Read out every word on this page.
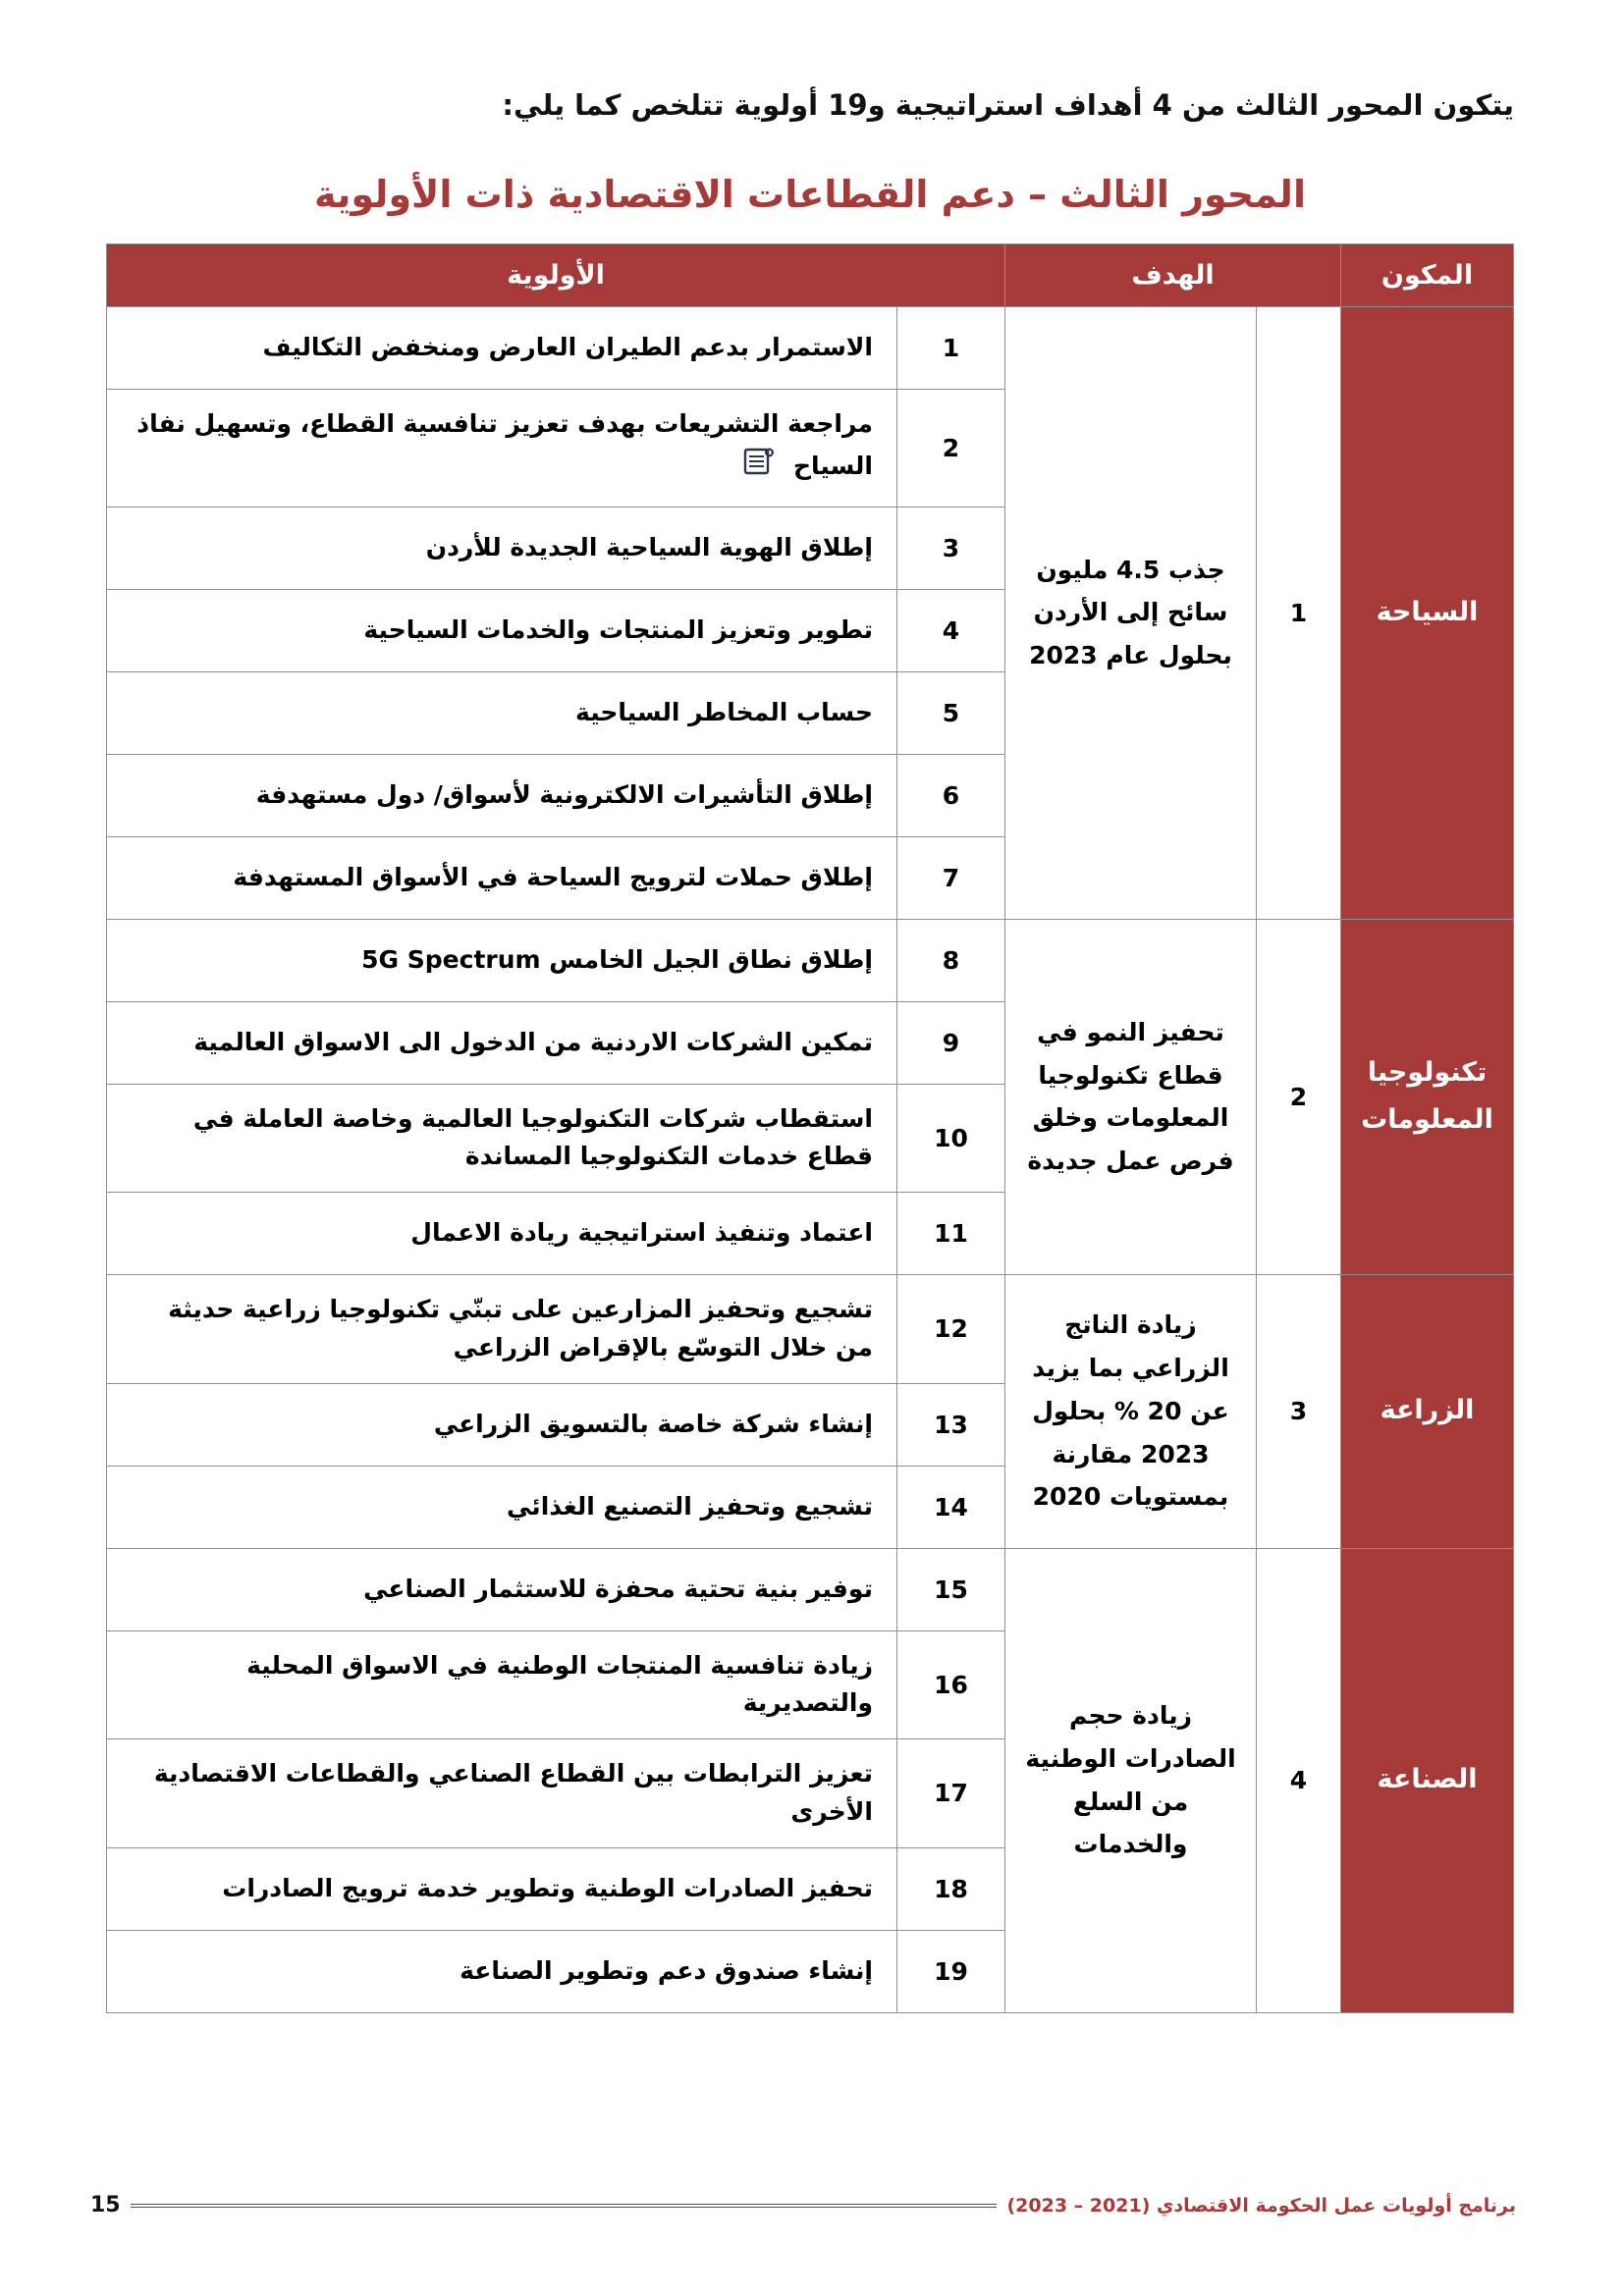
يتكون المحور الثالث من 4 أهداف استراتيجية و19 أولوية تتلخص كما يلي:

المحور الثالث – دعم القطاعات الاقتصادية ذات الأولوية
المكون	الهدف		الأولوية	
السياحة	1	جذب 4.5 مليون سائح إلى الأردن بحلول عام 2023	1	الاستمرار بدعم الطيران العارض ومنخفض التكاليف
			2	مراجعة التشريعات بهدف تعزيز تنافسية القطاع، وتسهيل نفاذ السياح
			3	إطلاق الهوية السياحية الجديدة للأردن
			4	تطوير وتعزيز المنتجات والخدمات السياحية
			5	حساب المخاطر السياحية
			6	إطلاق التأشيرات الالكترونية لأسواق/ دول مستهدفة
			7	إطلاق حملات لترويج السياحة في الأسواق المستهدفة
تكنولوجيا المعلومات	2	تحفيز النمو في قطاع تكنولوجيا المعلومات وخلق فرص عمل جديدة	8	إطلاق نطاق الجيل الخامس 5G Spectrum
			9	تمكين الشركات الاردنية من الدخول الى الاسواق العالمية
			10	استقطاب شركات التكنولوجيا العالمية وخاصة العاملة في قطاع خدمات التكنولوجيا المساندة
			11	اعتماد وتنفيذ استراتيجية ريادة الاعمال
الزراعة	3	زيادة الناتج الزراعي بما يزيد عن 20 % بحلول 2023 مقارنة بمستويات 2020	12	تشجيع وتحفيز المزارعين على تبنّي تكنولوجيا زراعية حديثة من خلال التوسّع بالإقراض الزراعي
			13	إنشاء شركة خاصة بالتسويق الزراعي
			14	تشجيع وتحفيز التصنيع الغذائي
الصناعة	4	زيادة حجم الصادرات الوطنية من السلع والخدمات	15	توفير بنية تحتية محفزة للاستثمار الصناعي
			16	زيادة تنافسية المنتجات الوطنية في الاسواق المحلية والتصديرية
			17	تعزيز الترابطات بين القطاع الصناعي والقطاعات الاقتصادية الأخرى
			18	تحفيز الصادرات الوطنية وتطوير خدمة ترويج الصادرات
			19	إنشاء صندوق دعم وتطوير الصناعة
برنامج أولويات عمل الحكومة الاقتصادي (2021 – 2023)
15
